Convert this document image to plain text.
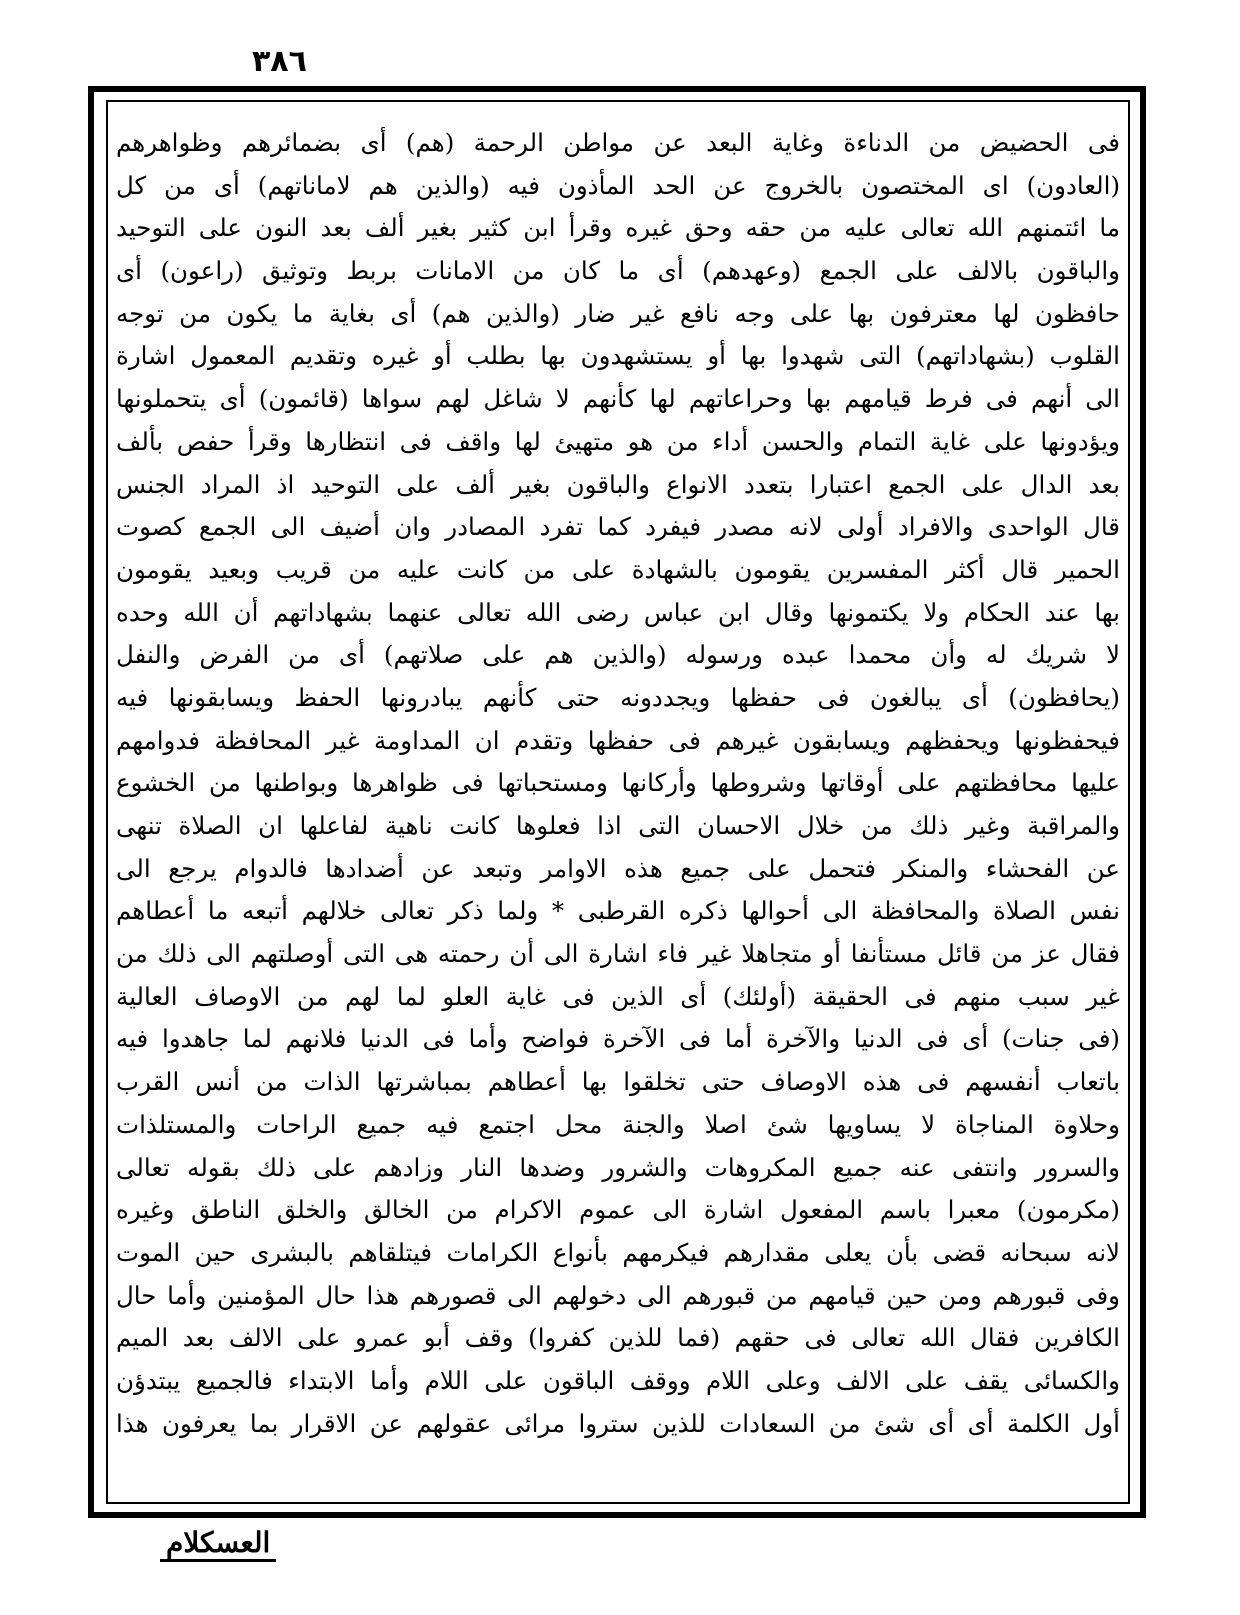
٣٨٦
فى الحضيض من الدناءة وغاية البعد عن مواطن الرحمة (هم) أى بضمائرهم وظواهرهم
(العادون) اى المختصون بالخروج عن الحد المأذون فيه (والذين هم لاماناتهم) أى من كل
ما ائتمنهم الله تعالى عليه من حقه وحق غيره وقرأ ابن كثير بغير ألف بعد النون على التوحيد
والباقون بالالف على الجمع (وعهدهم) أى ما كان من الامانات بربط وتوثيق (راعون) أى
حافظون لها معترفون بها على وجه نافع غير ضار (والذين هم) أى بغاية ما يكون من توجه
القلوب (بشهاداتهم) التى شهدوا بها أو يستشهدون بها بطلب أو غيره وتقديم المعمول اشارة
الى أنهم فى فرط قيامهم بها وحراعاتهم لها كأنهم لا شاغل لهم سواها (قائمون) أى يتحملونها
ويؤدونها على غاية التمام والحسن أداء من هو متهيئ لها واقف فى انتظارها وقرأ حفص بألف
بعد الدال على الجمع اعتبارا بتعدد الانواع والباقون بغير ألف على التوحيد اذ المراد الجنس
قال الواحدى والافراد أولى لانه مصدر فيفرد كما تفرد المصادر وان أضيف الى الجمع كصوت
الحمير قال أكثر المفسرين يقومون بالشهادة على من كانت عليه من قريب وبعيد يقومون
بها عند الحكام ولا يكتمونها وقال ابن عباس رضى الله تعالى عنهما بشهاداتهم أن الله وحده
لا شريك له وأن محمدا عبده ورسوله (والذين هم على صلاتهم) أى من الفرض والنفل
(يحافظون) أى يبالغون فى حفظها ويجددونه حتى كأنهم يبادرونها الحفظ ويسابقونها فيه
فيحفظونها ويحفظهم ويسابقون غيرهم فى حفظها وتقدم ان المداومة غير المحافظة فدوامهم
عليها محافظتهم على أوقاتها وشروطها وأركانها ومستحباتها فى ظواهرها وبواطنها من الخشوع
والمراقبة وغير ذلك من خلال الاحسان التى اذا فعلوها كانت ناهية لفاعلها ان الصلاة تنهى
عن الفحشاء والمنكر فتحمل على جميع هذه الاوامر وتبعد عن أضدادها فالدوام يرجع الى
نفس الصلاة والمحافظة الى أحوالها ذكره القرطبى * ولما ذكر تعالى خلالهم أتبعه ما أعطاهم
فقال عز من قائل مستأنفا أو متجاهلا غير فاء اشارة الى أن رحمته هى التى أوصلتهم الى ذلك من
غير سبب منهم فى الحقيقة (أولئك) أى الذين فى غاية العلو لما لهم من الاوصاف العالية
(فى جنات) أى فى الدنيا والآخرة أما فى الآخرة فواضح وأما فى الدنيا فلانهم لما جاهدوا فيه
باتعاب أنفسهم فى هذه الاوصاف حتى تخلقوا بها أعطاهم بمباشرتها الذات من أنس القرب
وحلاوة المناجاة لا يساويها شئ اصلا والجنة محل اجتمع فيه جميع الراحات والمستلذات
والسرور وانتفى عنه جميع المكروهات والشرور وضدها النار وزادهم على ذلك بقوله تعالى
(مكرمون) معبرا باسم المفعول اشارة الى عموم الاكرام من الخالق والخلق الناطق وغيره
لانه سبحانه قضى بأن يعلى مقدارهم فيكرمهم بأنواع الكرامات فيتلقاهم بالبشرى حين الموت
وفى قبورهم ومن حين قيامهم من قبورهم الى دخولهم الى قصورهم هذا حال المؤمنين وأما حال
الكافرين فقال الله تعالى فى حقهم (فما للذين كفروا) وقف أبو عمرو على الالف بعد الميم
والكسائى يقف على الالف وعلى اللام ووقف الباقون على اللام وأما الابتداء فالجميع يبتدؤن
أول الكلمة أى أى شئ من السعادات للذين ستروا مرائى عقولهم عن الاقرار بما يعرفون هذا
العسكلام
